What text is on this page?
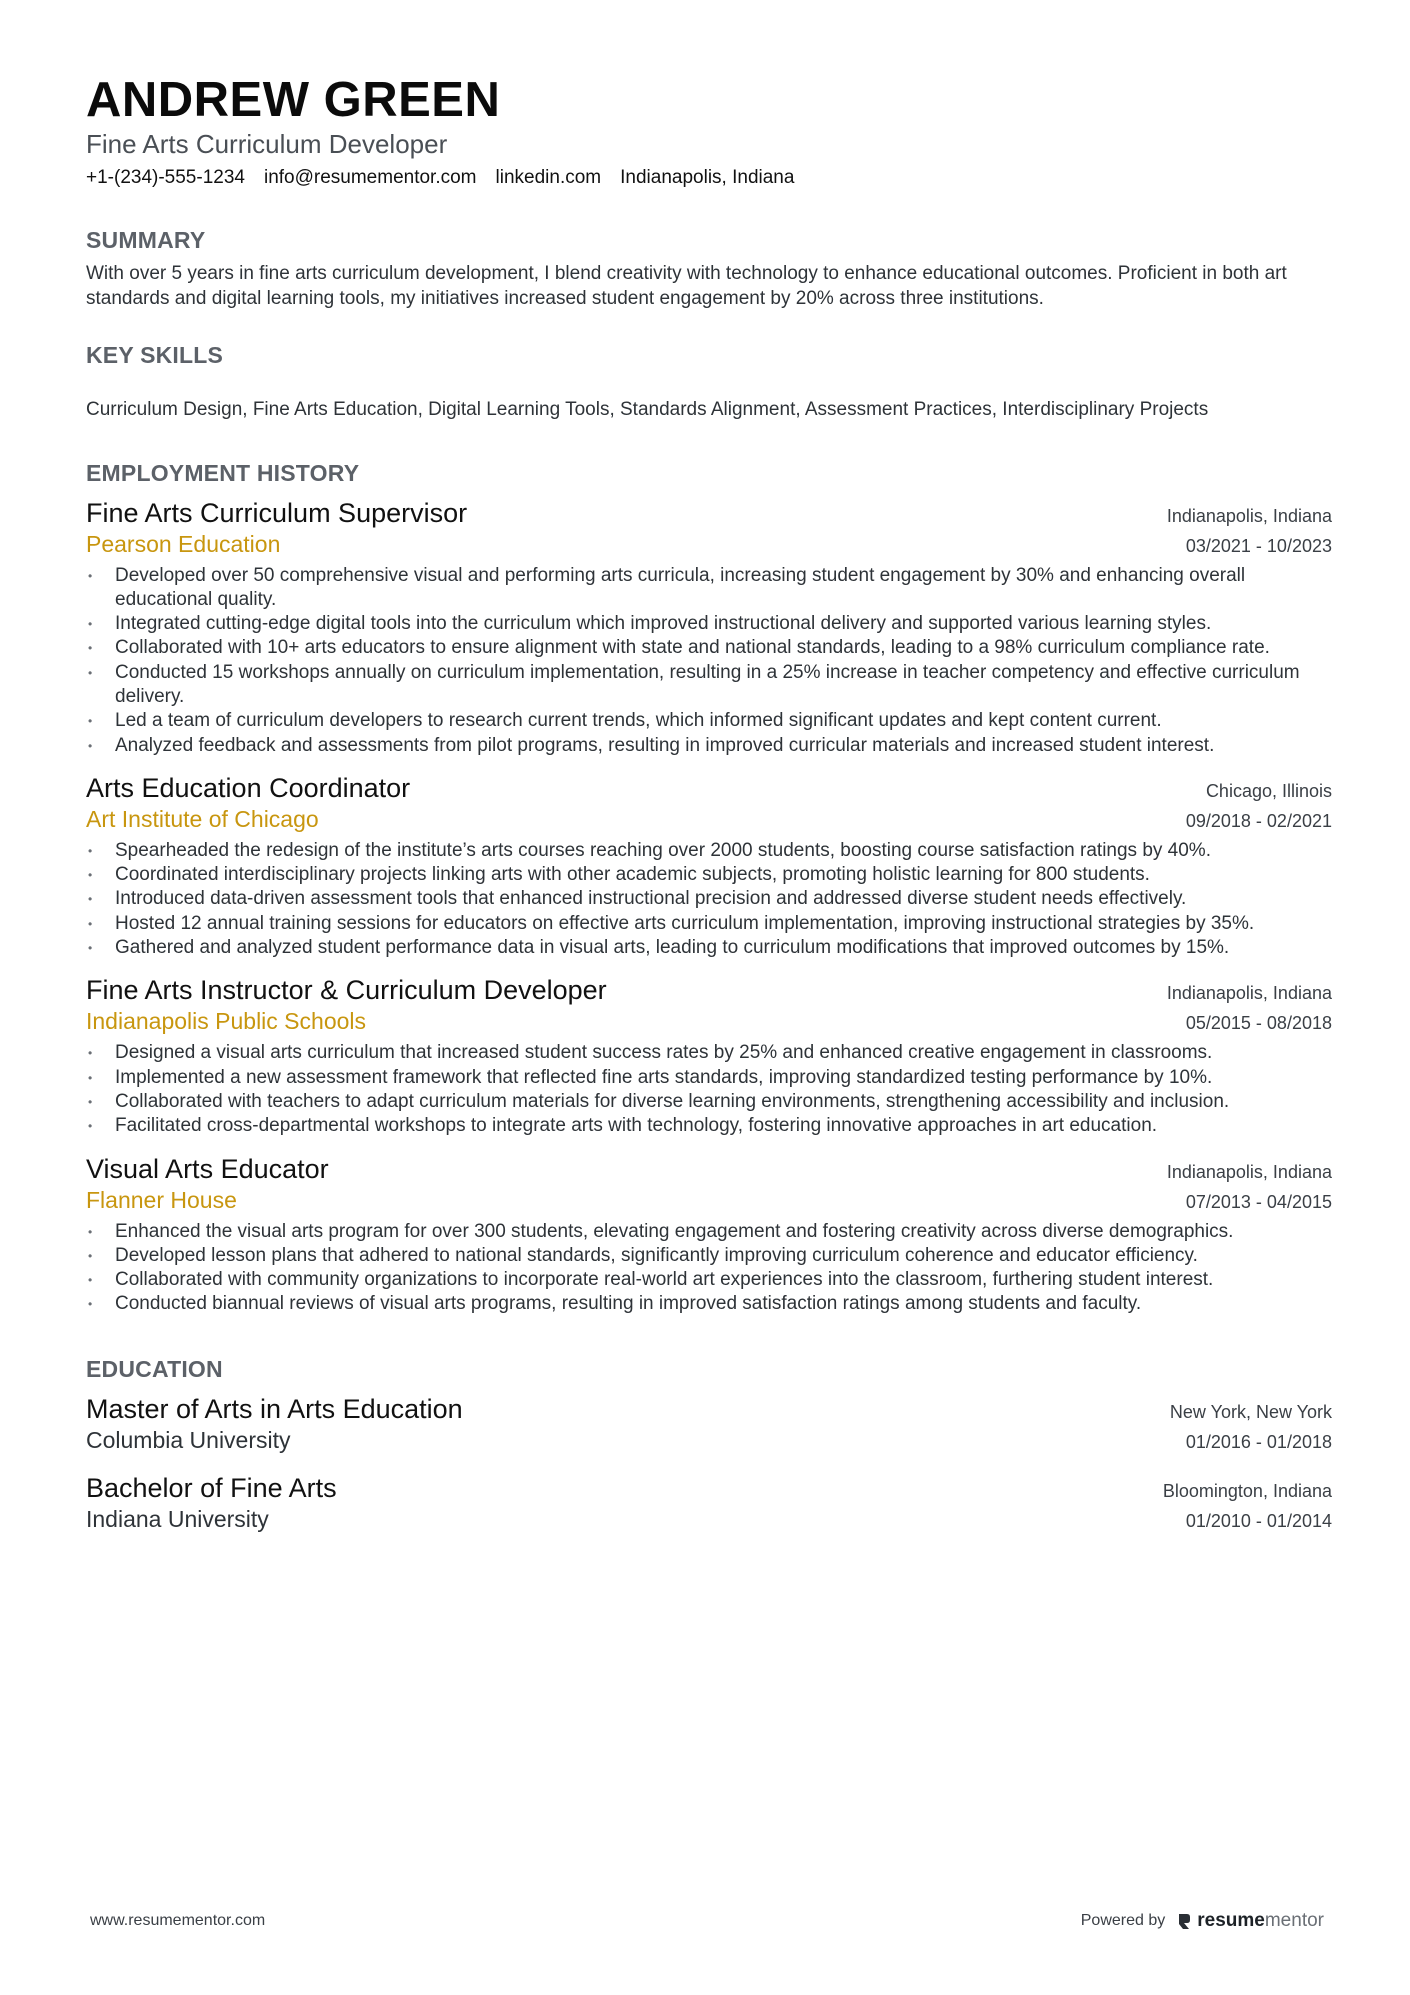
ANDREW GREEN
Fine Arts Curriculum Developer
+1-(234)-555-1234 info@resumementor.com linkedin.com Indianapolis, Indiana
SUMMARY
With over 5 years in fine arts curriculum development, I blend creativity with technology to enhance educational outcomes. Proficient in both art standards and digital learning tools, my initiatives increased student engagement by 20% across three institutions.
KEY SKILLS
Curriculum Design, Fine Arts Education, Digital Learning Tools, Standards Alignment, Assessment Practices, Interdisciplinary Projects
EMPLOYMENT HISTORY
Fine Arts Curriculum Supervisor	Indianapolis, Indiana
Pearson Education	03/2021 - 10/2023
• Developed over 50 comprehensive visual and performing arts curricula, increasing student engagement by 30% and enhancing overall educational quality.
• Integrated cutting-edge digital tools into the curriculum which improved instructional delivery and supported various learning styles.
• Collaborated with 10+ arts educators to ensure alignment with state and national standards, leading to a 98% curriculum compliance rate.
• Conducted 15 workshops annually on curriculum implementation, resulting in a 25% increase in teacher competency and effective curriculum delivery.
• Led a team of curriculum developers to research current trends, which informed significant updates and kept content current.
• Analyzed feedback and assessments from pilot programs, resulting in improved curricular materials and increased student interest.
Arts Education Coordinator	Chicago, Illinois
Art Institute of Chicago	09/2018 - 02/2021
• Spearheaded the redesign of the institute’s arts courses reaching over 2000 students, boosting course satisfaction ratings by 40%.
• Coordinated interdisciplinary projects linking arts with other academic subjects, promoting holistic learning for 800 students.
• Introduced data-driven assessment tools that enhanced instructional precision and addressed diverse student needs effectively.
• Hosted 12 annual training sessions for educators on effective arts curriculum implementation, improving instructional strategies by 35%.
• Gathered and analyzed student performance data in visual arts, leading to curriculum modifications that improved outcomes by 15%.
Fine Arts Instructor & Curriculum Developer	Indianapolis, Indiana
Indianapolis Public Schools	05/2015 - 08/2018
• Designed a visual arts curriculum that increased student success rates by 25% and enhanced creative engagement in classrooms.
• Implemented a new assessment framework that reflected fine arts standards, improving standardized testing performance by 10%.
• Collaborated with teachers to adapt curriculum materials for diverse learning environments, strengthening accessibility and inclusion.
• Facilitated cross-departmental workshops to integrate arts with technology, fostering innovative approaches in art education.
Visual Arts Educator	Indianapolis, Indiana
Flanner House	07/2013 - 04/2015
• Enhanced the visual arts program for over 300 students, elevating engagement and fostering creativity across diverse demographics.
• Developed lesson plans that adhered to national standards, significantly improving curriculum coherence and educator efficiency.
• Collaborated with community organizations to incorporate real-world art experiences into the classroom, furthering student interest.
• Conducted biannual reviews of visual arts programs, resulting in improved satisfaction ratings among students and faculty.
EDUCATION
Master of Arts in Arts Education	New York, New York
Columbia University	01/2016 - 01/2018
Bachelor of Fine Arts	Bloomington, Indiana
Indiana University	01/2010 - 01/2014
www.resumementor.com	Powered by resumementor
